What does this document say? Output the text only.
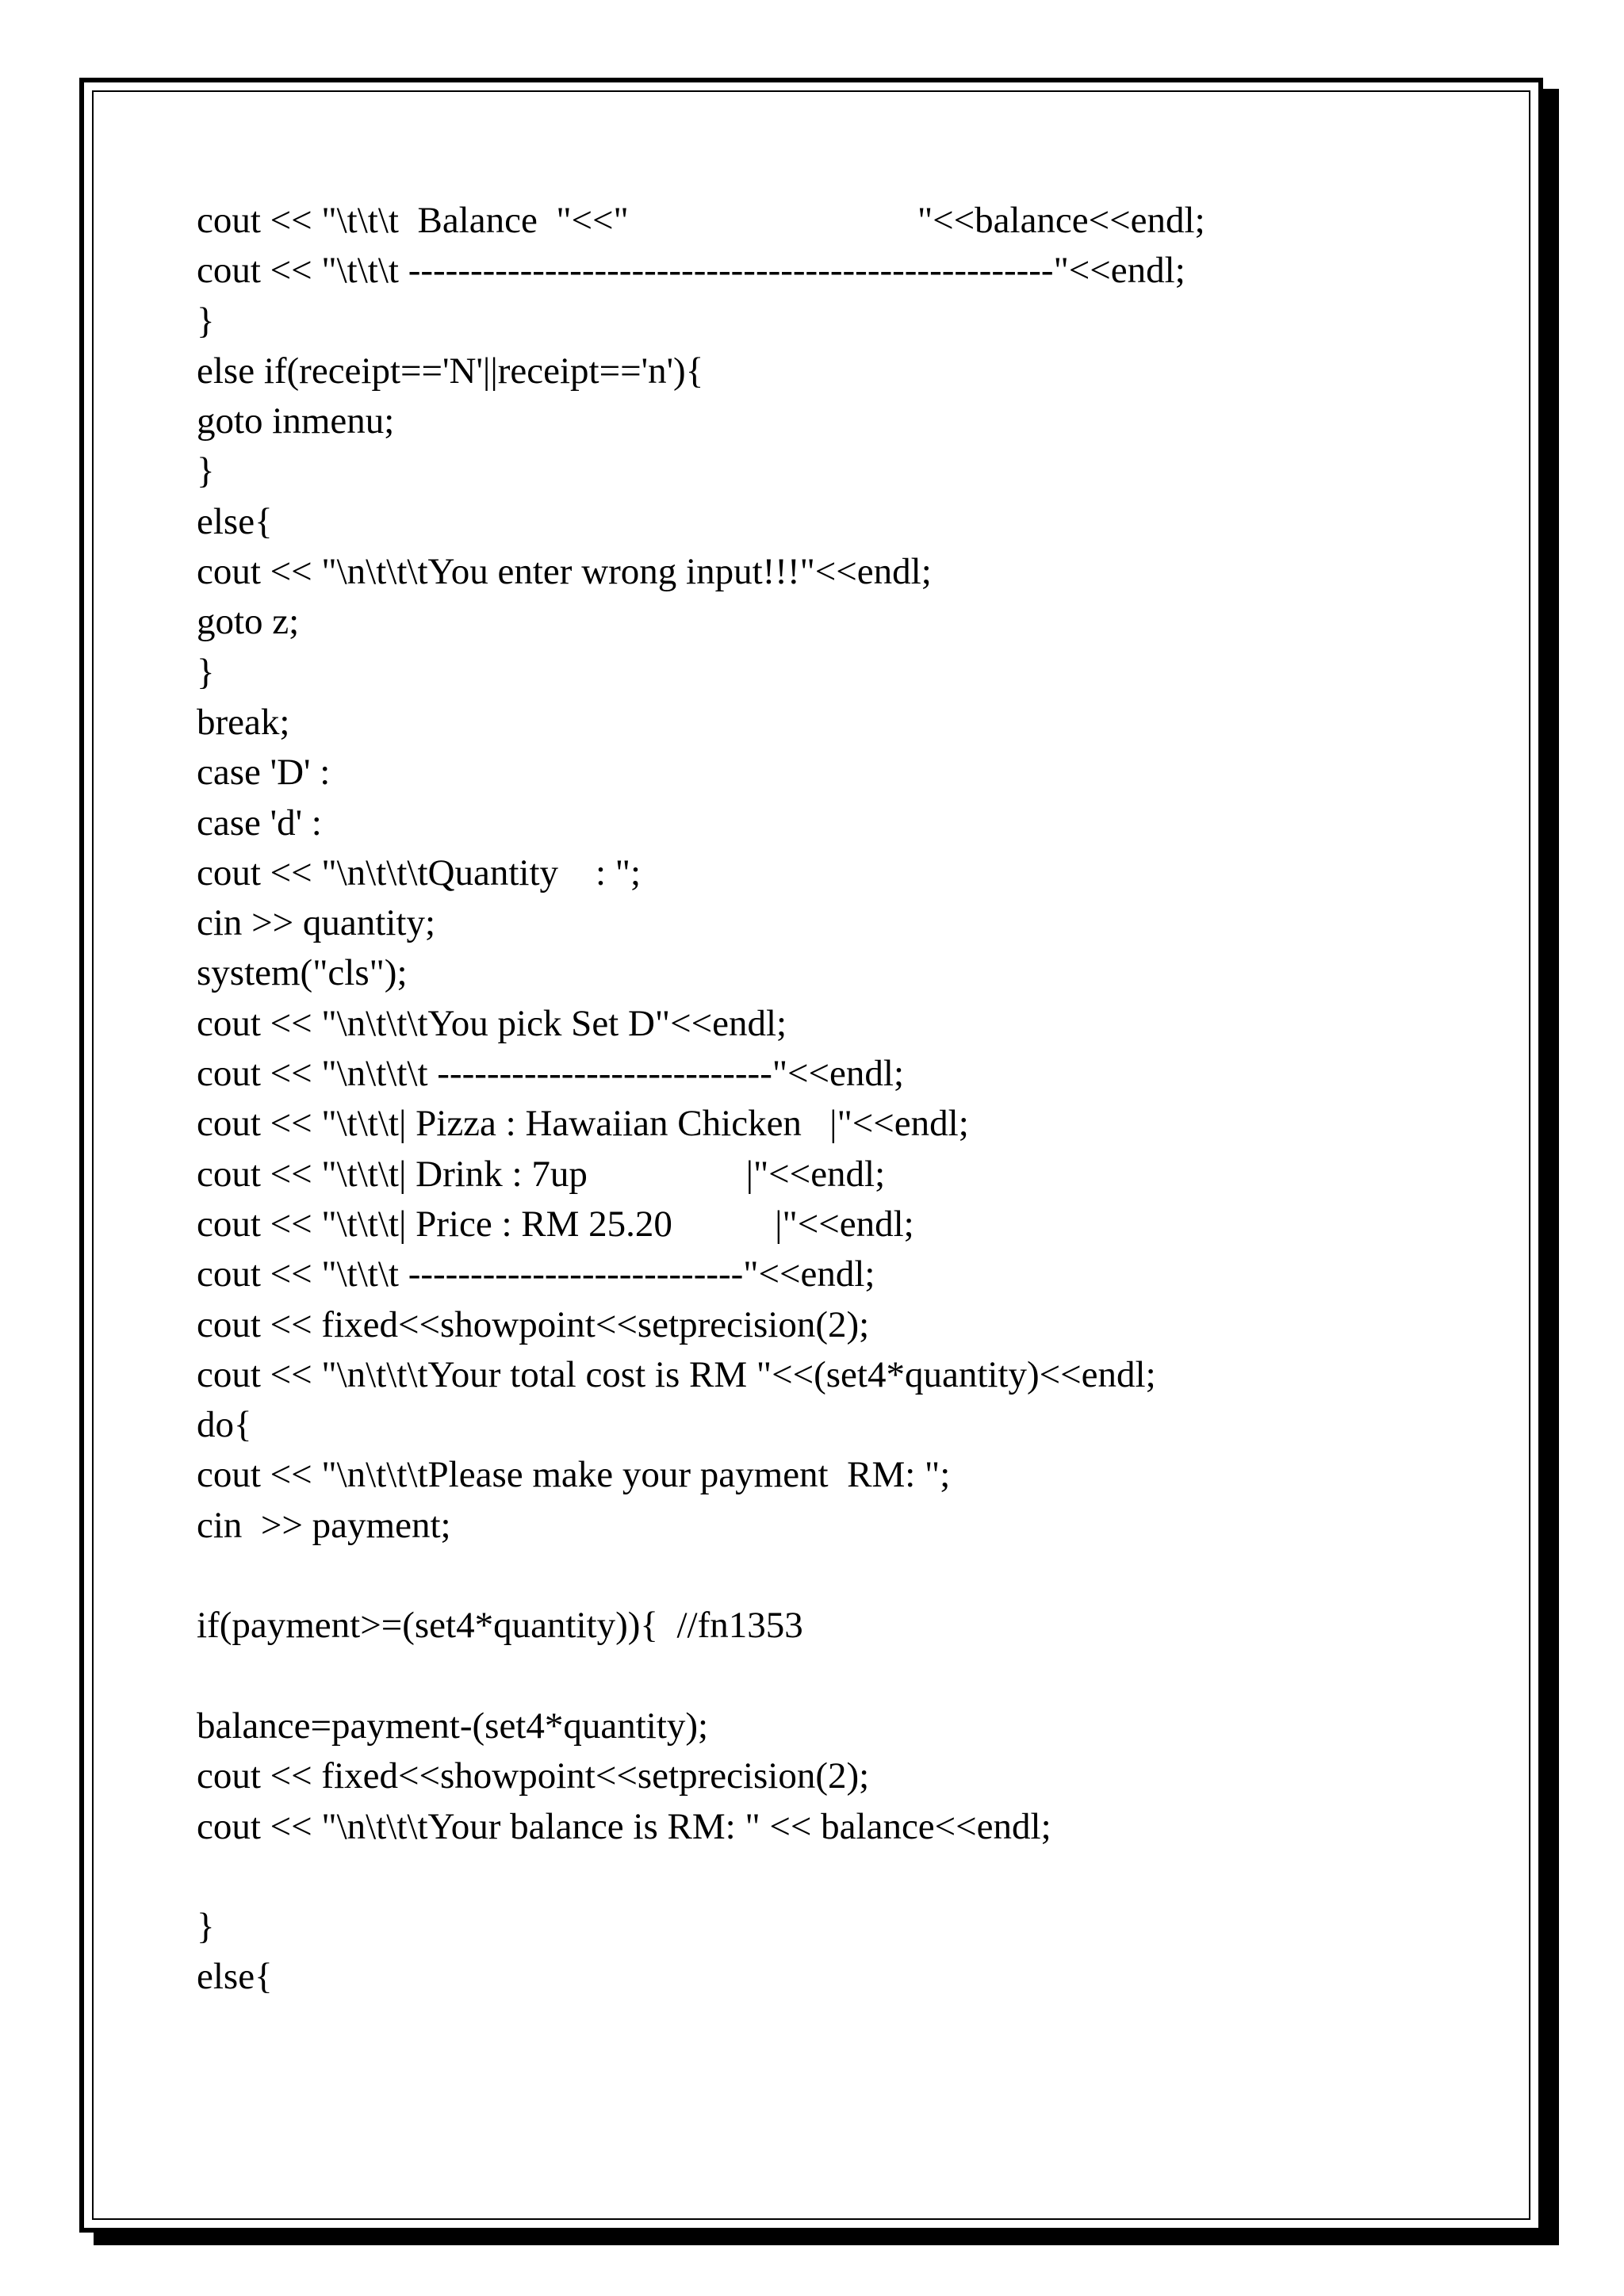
cout << "\t\t\t  Balance  "<<"                               "<<balance<<endl;
cout << "\t\t\t ----------------------------------------------------"<<endl;
}
else if(receipt=='N'||receipt=='n'){
goto inmenu;
}
else{
cout << "\n\t\t\tYou enter wrong input!!!"<<endl;
goto z;
}
break;
case 'D' :
case 'd' :
cout << "\n\t\t\tQuantity    : ";
cin >> quantity;
system("cls");
cout << "\n\t\t\tYou pick Set D"<<endl;
cout << "\n\t\t\t ---------------------------"<<endl;
cout << "\t\t\t| Pizza : Hawaiian Chicken   |"<<endl;
cout << "\t\t\t| Drink : 7up                 |"<<endl;
cout << "\t\t\t| Price : RM 25.20           |"<<endl;
cout << "\t\t\t ---------------------------"<<endl;
cout << fixed<<showpoint<<setprecision(2);
cout << "\n\t\t\tYour total cost is RM "<<(set4*quantity)<<endl;
do{
cout << "\n\t\t\tPlease make your payment  RM: ";
cin  >> payment;
if(payment>=(set4*quantity)){  //fn1353
balance=payment-(set4*quantity);
cout << fixed<<showpoint<<setprecision(2);
cout << "\n\t\t\tYour balance is RM: " << balance<<endl;
}
else{
